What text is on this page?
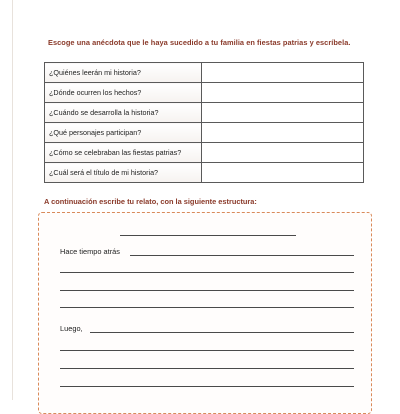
Escoge una anécdota que le haya sucedido a tu familia en fiestas patrias y escríbela.
¿Quiénes leerán mi historia?	
¿Dónde ocurren los hechos?	
¿Cuándo se desarrolla la historia?	
¿Qué personajes participan?	
¿Cómo se celebraban las fiestas patrias?	
¿Cuál será el título de mi historia?	
A continuación escribe tu relato, con la siguiente estructura:
Hace tiempo atrás
Luego,
